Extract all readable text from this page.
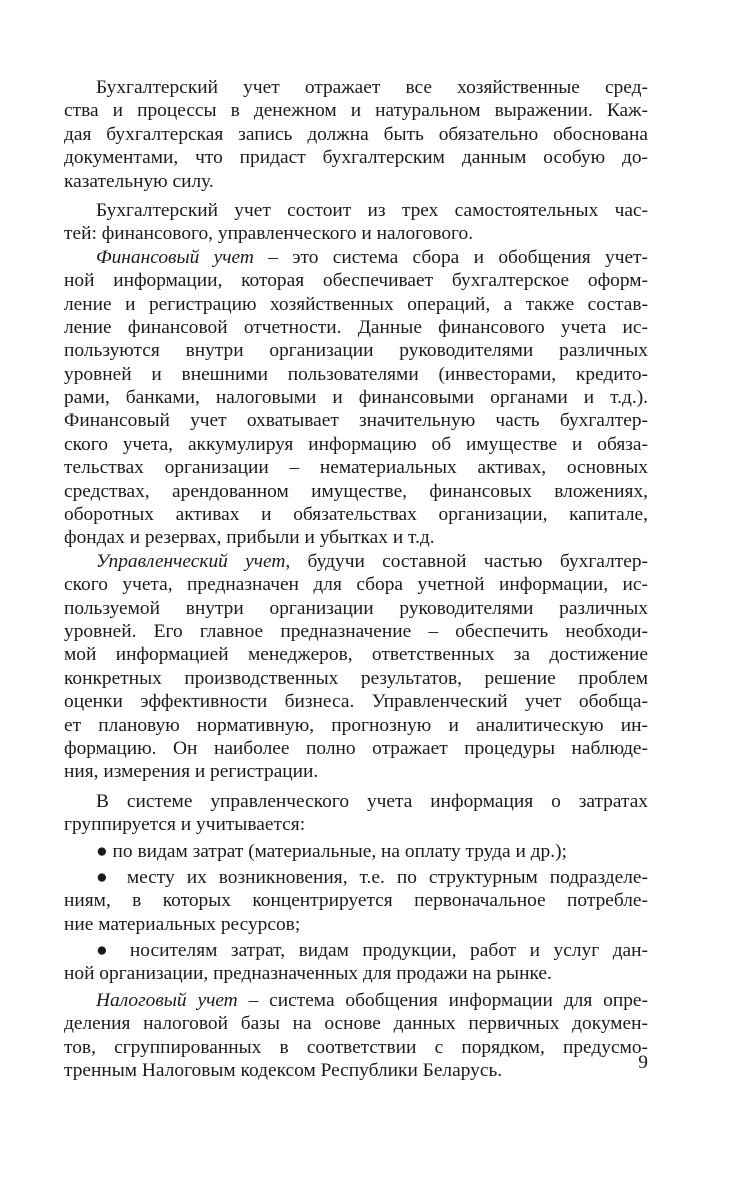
Бухгалтерский учет отражает все хозяйственные сред-
ства и процессы в денежном и натуральном выражении. Каж-
дая бухгалтерская запись должна быть обязательно обоснована
документами, что придаст бухгалтерским данным особую до-
казательную силу.
Бухгалтерский учет состоит из трех самостоятельных час-
тей: финансового, управленческого и налогового.
Финансовый учет – это система сбора и обобщения учет-
ной информации, которая обеспечивает бухгалтерское оформ-
ление и регистрацию хозяйственных операций, а также состав-
ление финансовой отчетности. Данные финансового учета ис-
пользуются внутри организации руководителями различных
уровней и внешними пользователями (инвесторами, кредито-
рами, банками, налоговыми и финансовыми органами и т.д.).
Финансовый учет охватывает значительную часть бухгалтер-
ского учета, аккумулируя информацию об имуществе и обяза-
тельствах организации – нематериальных активах, основных
средствах, арендованном имуществе, финансовых вложениях,
оборотных активах и обязательствах организации, капитале,
фондах и резервах, прибыли и убытках и т.д.
Управленческий учет, будучи составной частью бухгалтер-
ского учета, предназначен для сбора учетной информации, ис-
пользуемой внутри организации руководителями различных
уровней. Его главное предназначение – обеспечить необходи-
мой информацией менеджеров, ответственных за достижение
конкретных производственных результатов, решение проблем
оценки эффективности бизнеса. Управленческий учет обобща-
ет плановую нормативную, прогнозную и аналитическую ин-
формацию. Он наиболее полно отражает процедуры наблюде-
ния, измерения и регистрации.
В системе управленческого учета информация о затратах
группируется и учитывается:
● по видам затрат (материальные, на оплату труда и др.);
● месту их возникновения, т.е. по структурным подразделе-
ниям, в которых концентрируется первоначальное потребле-
ние материальных ресурсов;
● носителям затрат, видам продукции, работ и услуг дан-
ной организации, предназначенных для продажи на рынке.
Налоговый учет – система обобщения информации для опре-
деления налоговой базы на основе данных первичных докумен-
тов, сгруппированных в соответствии с порядком, предусмо-
тренным Налоговым кодексом Республики Беларусь.	9
